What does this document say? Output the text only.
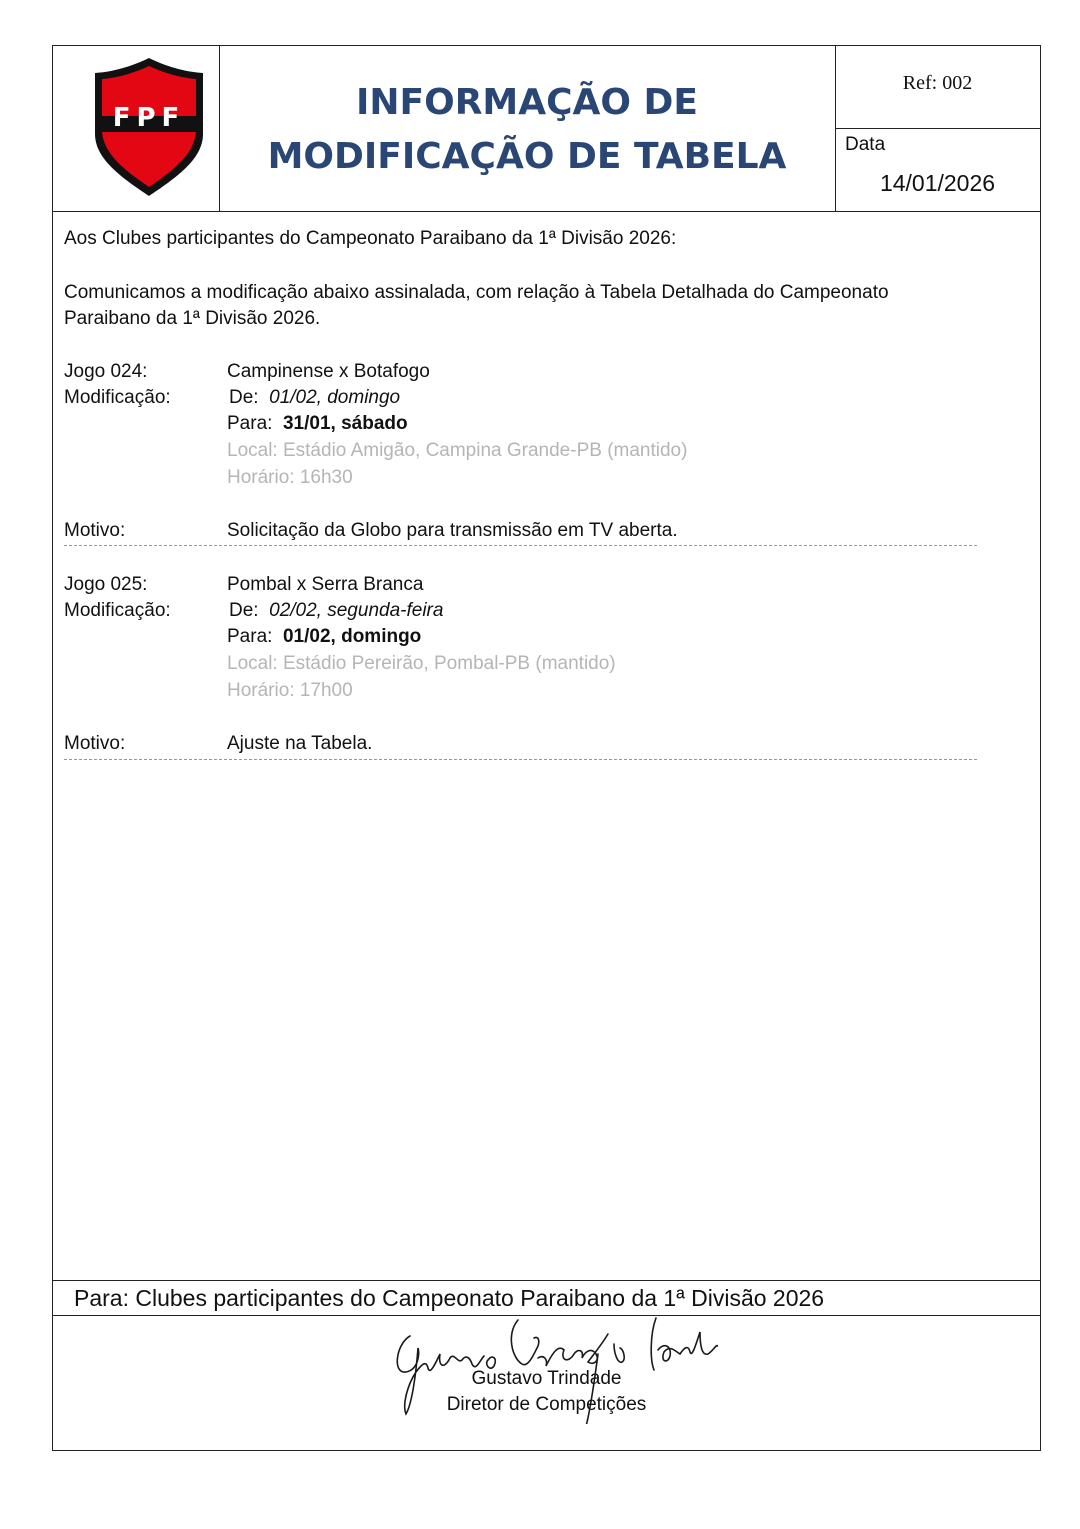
FPF	INFORMAÇÃO DE
MODIFICAÇÃO DE TABELA
Ref: 002
Data
14/01/2026
Aos Clubes participantes do Campeonato Paraibano da 1ª Divisão 2026:
Comunicamos a modificação abaixo assinalada, com relação à Tabela Detalhada do Campeonato
Paraibano da 1ª Divisão 2026.
Jogo 024:	Campinense x Botafogo
Modificação:	De: 01/02, domingo
Para: 31/01, sábado
Local: Estádio Amigão, Campina Grande-PB (mantido)
Horário: 16h30
Motivo:	Solicitação da Globo para transmissão em TV aberta.
Jogo 025:	Pombal x Serra Branca
Modificação:	De: 02/02, segunda-feira
Para: 01/02, domingo
Local: Estádio Pereirão, Pombal-PB (mantido)
Horário: 17h00
Motivo:	Ajuste na Tabela.
Para: Clubes participantes do Campeonato Paraibano da 1ª Divisão 2026
Gustavo Trindade
Diretor de Competições
